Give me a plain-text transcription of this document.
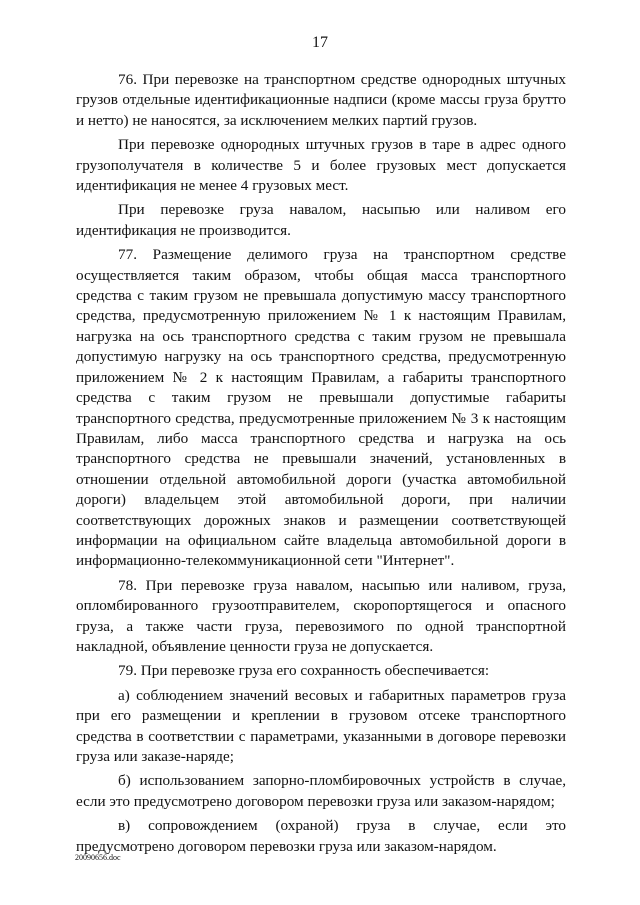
17

76. При перевозке на транспортном средстве однородных штучных грузов отдельные идентификационные надписи (кроме массы груза брутто и нетто) не наносятся, за исключением мелких партий грузов.

При перевозке однородных штучных грузов в таре в адрес одного грузополучателя в количестве 5 и более грузовых мест допускается идентификация не менее 4 грузовых мест.

При перевозке груза навалом, насыпью или наливом его идентификация не производится.

77. Размещение делимого груза на транспортном средстве осуществляется таким образом, чтобы общая масса транспортного средства с таким грузом не превышала допустимую массу транспортного средства, предусмотренную приложением № 1 к настоящим Правилам, нагрузка на ось транспортного средства с таким грузом не превышала допустимую нагрузку на ось транспортного средства, предусмотренную приложением № 2 к настоящим Правилам, а габариты транспортного средства с таким грузом не превышали допустимые габариты транспортного средства, предусмотренные приложением № 3 к настоящим Правилам, либо масса транспортного средства и нагрузка на ось транспортного средства не превышали значений, установленных в отношении отдельной автомобильной дороги (участка автомобильной дороги) владельцем этой автомобильной дороги, при наличии соответствующих дорожных знаков и размещении соответствующей информации на официальном сайте владельца автомобильной дороги в информационно-телекоммуникационной сети "Интернет".

78. При перевозке груза навалом, насыпью или наливом, груза, опломбированного грузоотправителем, скоропортящегося и опасного груза, а также части груза, перевозимого по одной транспортной накладной, объявление ценности груза не допускается.

79. При перевозке груза его сохранность обеспечивается:

а) соблюдением значений весовых и габаритных параметров груза при его размещении и креплении в грузовом отсеке транспортного средства в соответствии с параметрами, указанными в договоре перевозки груза или заказе-наряде;

б) использованием запорно-пломбировочных устройств в случае, если это предусмотрено договором перевозки груза или заказом-нарядом;

в) сопровождением (охраной) груза в случае, если это предусмотрено договором перевозки груза или заказом-нарядом.

20090656.doc
